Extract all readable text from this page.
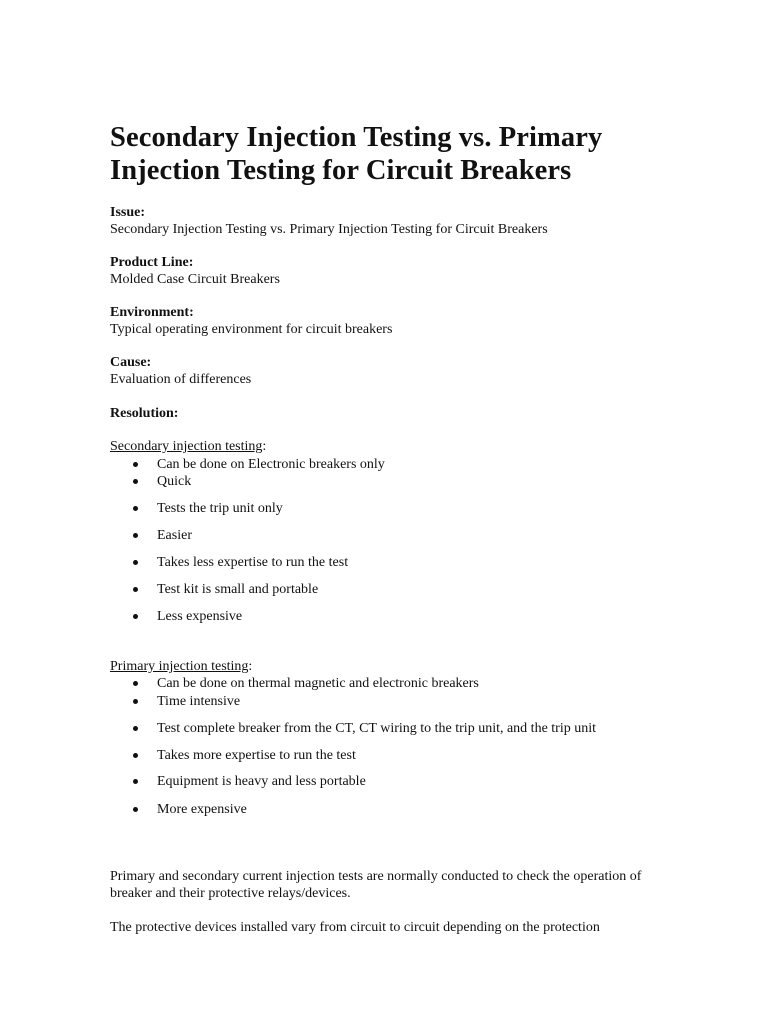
Secondary Injection Testing vs. Primary Injection Testing for Circuit Breakers
Issue:
Secondary Injection Testing vs. Primary Injection Testing for Circuit Breakers
Product Line:
Molded Case Circuit Breakers
Environment:
Typical operating environment for circuit breakers
Cause:
Evaluation of differences
Resolution:
Secondary injection testing:
Can be done on Electronic breakers only
Quick
Tests the trip unit only
Easier
Takes less expertise to run the test
Test kit is small and portable
Less expensive
Primary injection testing:
Can be done on thermal magnetic and electronic breakers
Time intensive
Test complete breaker from the CT, CT wiring to the trip unit, and the trip unit
Takes more expertise to run the test
Equipment is heavy and less portable
More expensive

Primary and secondary current injection tests are normally conducted to check the operation of breaker and their protective relays/devices.

The protective devices installed vary from circuit to circuit depending on the protection
